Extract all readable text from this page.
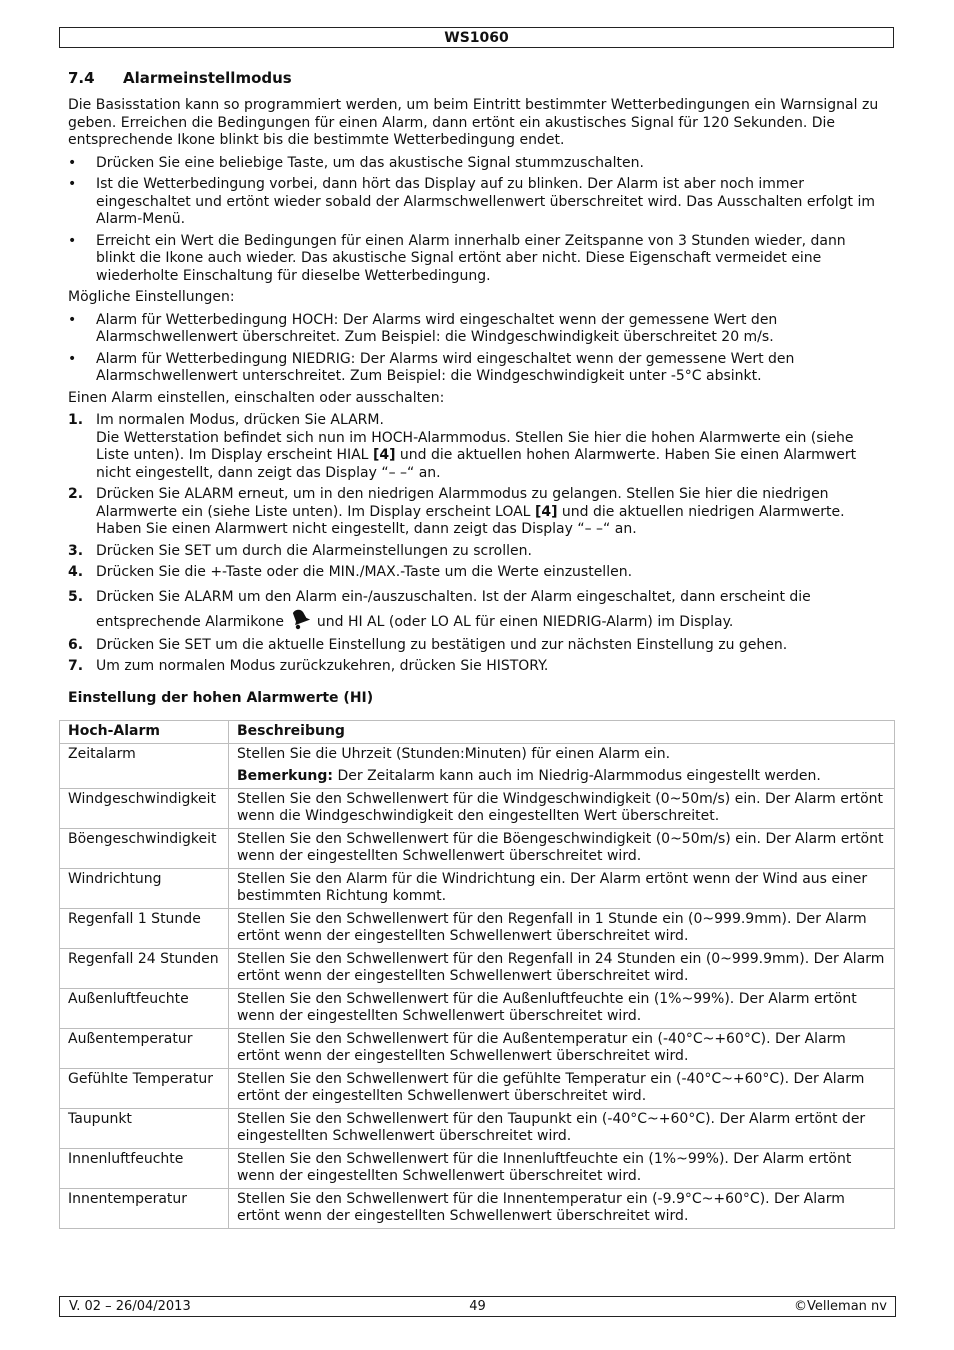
WS1060
7.4 Alarmeinstellmodus

Die Basisstation kann so programmiert werden, um beim Eintritt bestimmter Wetterbedingungen ein Warnsignal zu geben. Erreichen die Bedingungen für einen Alarm, dann ertönt ein akustisches Signal für 120 Sekunden. Die entsprechende Ikone blinkt bis die bestimmte Wetterbedingung endet.

• Drücken Sie eine beliebige Taste, um das akustische Signal stummzuschalten.
• Ist die Wetterbedingung vorbei, dann hört das Display auf zu blinken. Der Alarm ist aber noch immer eingeschaltet und ertönt wieder sobald der Alarmschwellenwert überschreitet wird. Das Ausschalten erfolgt im Alarm-Menü.
• Erreicht ein Wert die Bedingungen für einen Alarm innerhalb einer Zeitspanne von 3 Stunden wieder, dann blinkt die Ikone auch wieder. Das akustische Signal ertönt aber nicht. Diese Eigenschaft vermeidet eine wiederholte Einschaltung für dieselbe Wetterbedingung.

Mögliche Einstellungen:

• Alarm für Wetterbedingung HOCH: Der Alarms wird eingeschaltet wenn der gemessene Wert den Alarmschwellenwert überschreitet. Zum Beispiel: die Windgeschwindigkeit überschreitet 20 m/s.
• Alarm für Wetterbedingung NIEDRIG: Der Alarms wird eingeschaltet wenn der gemessene Wert den Alarmschwellenwert unterschreitet. Zum Beispiel: die Windgeschwindigkeit unter -5°C absinkt.

Einen Alarm einstellen, einschalten oder ausschalten:

1. Im normalen Modus, drücken Sie ALARM.
Die Wetterstation befindet sich nun im HOCH-Alarmmodus. Stellen Sie hier die hohen Alarmwerte ein (siehe Liste unten). Im Display erscheint HIAL [4] und die aktuellen hohen Alarmwerte. Haben Sie einen Alarmwert nicht eingestellt, dann zeigt das Display “– –“ an.
2. Drücken Sie ALARM erneut, um in den niedrigen Alarmmodus zu gelangen. Stellen Sie hier die niedrigen Alarmwerte ein (siehe Liste unten). Im Display erscheint LOAL [4] und die aktuellen niedrigen Alarmwerte. Haben Sie einen Alarmwert nicht eingestellt, dann zeigt das Display “– –“ an.
3. Drücken Sie SET um durch die Alarmeinstellungen zu scrollen.
4. Drücken Sie die +-Taste oder die MIN./MAX.-Taste um die Werte einzustellen.
5. Drücken Sie ALARM um den Alarm ein-/auszuschalten. Ist der Alarm eingeschaltet, dann erscheint die entsprechende Alarmikone  und HI AL (oder LO AL für einen NIEDRIG-Alarm) im Display.
6. Drücken Sie SET um die aktuelle Einstellung zu bestätigen und zur nächsten Einstellung zu gehen.
7. Um zum normalen Modus zurückzukehren, drücken Sie HISTORY.
Einstellung der hohen Alarmwerte (HI)
Hoch-Alarm	Beschreibung
Zeitalarm	Stellen Sie die Uhrzeit (Stunden:Minuten) für einen Alarm ein.
Bemerkung: Der Zeitalarm kann auch im Niedrig-Alarmmodus eingestellt werden.

Windgeschwindigkeit	Stellen Sie den Schwellenwert für die Windgeschwindigkeit (0~50m/s) ein. Der Alarm ertönt wenn die Windgeschwindigkeit den eingestellten Wert überschreitet.
Böengeschwindigkeit	Stellen Sie den Schwellenwert für die Böengeschwindigkeit (0~50m/s) ein. Der Alarm ertönt wenn der eingestellten Schwellenwert überschreitet wird.
Windrichtung	Stellen Sie den Alarm für die Windrichtung ein. Der Alarm ertönt wenn der Wind aus einer bestimmten Richtung kommt.
Regenfall 1 Stunde	Stellen Sie den Schwellenwert für den Regenfall in 1 Stunde ein (0~999.9mm). Der Alarm ertönt wenn der eingestellten Schwellenwert überschreitet wird.
Regenfall 24 Stunden	Stellen Sie den Schwellenwert für den Regenfall in 24 Stunden ein (0~999.9mm). Der Alarm ertönt wenn der eingestellten Schwellenwert überschreitet wird.
Außenluftfeuchte	Stellen Sie den Schwellenwert für die Außenluftfeuchte ein (1%~99%). Der Alarm ertönt wenn der eingestellten Schwellenwert überschreitet wird.
Außentemperatur	Stellen Sie den Schwellenwert für die Außentemperatur ein (-40°C~+60°C). Der Alarm ertönt wenn der eingestellten Schwellenwert überschreitet wird.
Gefühlte Temperatur	Stellen Sie den Schwellenwert für die gefühlte Temperatur ein (-40°C~+60°C). Der Alarm ertönt der eingestellten Schwellenwert überschreitet wird.
Taupunkt	Stellen Sie den Schwellenwert für den Taupunkt ein (-40°C~+60°C). Der Alarm ertönt der eingestellten Schwellenwert überschreitet wird.
Innenluftfeuchte	Stellen Sie den Schwellenwert für die Innenluftfeuchte ein (1%~99%). Der Alarm ertönt wenn der eingestellten Schwellenwert überschreitet wird.
Innentemperatur	Stellen Sie den Schwellenwert für die Innentemperatur ein (-9.9°C~+60°C). Der Alarm ertönt wenn der eingestellten Schwellenwert überschreitet wird.
49
V. 02 – 26/04/2013	©Velleman nv
